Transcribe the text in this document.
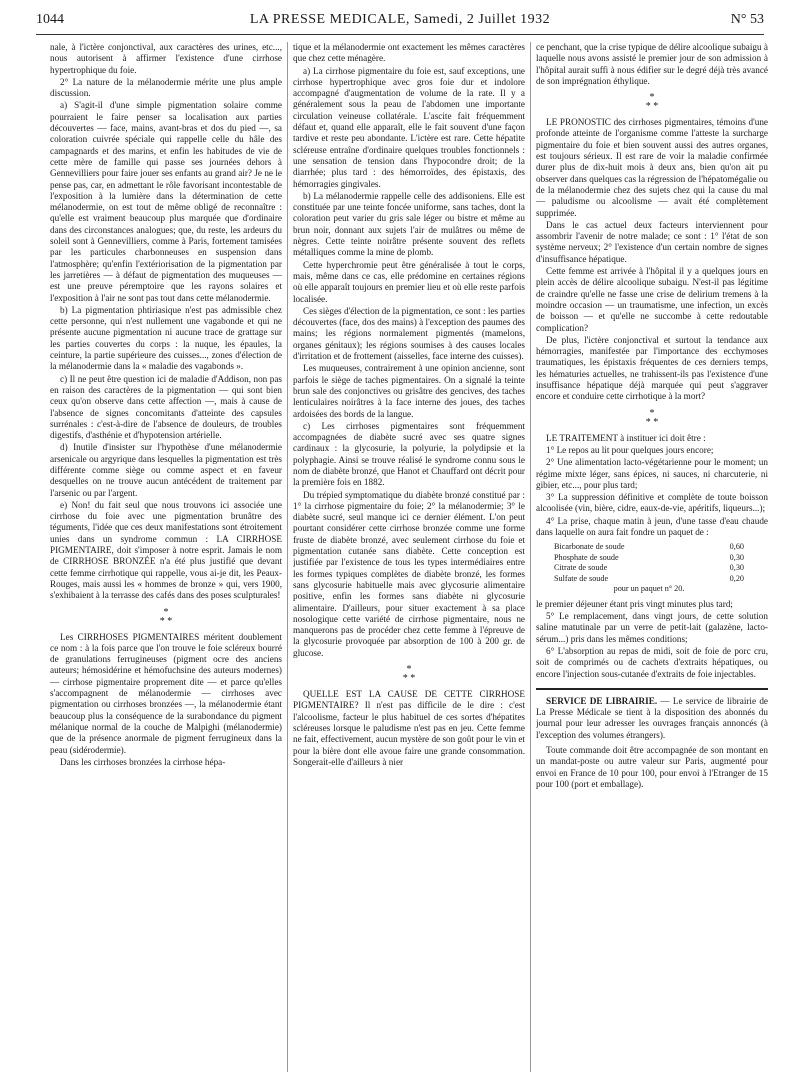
1044	LA PRESSE MEDICALE, Samedi, 2 Juillet 1932	N° 53

nale, à l'ictère conjonctival, aux caractères des urines, etc..., nous autorisent à affirmer l'existence d'une cirrhose hypertrophique du foie.

2° La nature de la mélanodermie mérite une plus ample discussion.

a) S'agit-il d'une simple pigmentation solaire comme pourraient le faire penser sa localisation aux parties découvertes — face, mains, avant-bras et dos du pied —, sa coloration cuivrée spéciale qui rappelle celle du hâle des campagnards et des marins, et enfin les habitudes de vie de cette mère de famille qui passe ses journées dehors à Gennevilliers pour faire jouer ses enfants au grand air? Je ne le pense pas, car, en admettant le rôle favorisant incontestable de l'exposition à la lumière dans la détermination de cette mélanodermie, on est tout de même obligé de reconnaître : qu'elle est vraiment beaucoup plus marquée que d'ordinaire dans des circonstances analogues; que, du reste, les ardeurs du soleil sont à Gennevilliers, comme à Paris, fortement tamisées par les particules charbonneuses en suspension dans l'atmosphère; qu'enfin l'extériorisation de la pigmentation par les jarretières — à défaut de pigmentation des muqueuses — est une preuve péremptoire que les rayons solaires et l'exposition à l'air ne sont pas tout dans cette mélanodermie.

b) La pigmentation phtiriasique n'est pas admissible chez cette personne, qui n'est nullement une vagabonde et qui ne présente aucune pigmentation ni aucune trace de grattage sur les parties couvertes du corps : la nuque, les épaules, la ceinture, la partie supérieure des cuisses..., zones d'élection de la mélanodermie dans la « maladie des vagabonds ».

c) Il ne peut être question ici de maladie d'Addison, non pas en raison des caractères de la pigmentation — qui sont bien ceux qu'on observe dans cette affection —, mais à cause de l'absence de signes concomitants d'atteinte des capsules surrénales : c'est-à-dire de l'absence de douleurs, de troubles digestifs, d'asthénie et d'hypotension artérielle.

d) Inutile d'insister sur l'hypothèse d'une mélanodermie arsenicale ou argyrique dans lesquelles la pigmentation est très différente comme siège ou comme aspect et en faveur desquelles on ne trouve aucun antécédent de traitement par l'arsenic ou par l'argent.

e) Non! du fait seul que nous trouvons ici associée une cirrhose du foie avec une pigmentation brunâtre des téguments, l'idée que ces deux manifestations sont étroitement unies dans un syndrome commun : LA CIRRHOSE PIGMENTAIRE, doit s'imposer à notre esprit. Jamais le nom de CIRRHOSE BRONZÉE n'a été plus justifié que devant cette femme cirrhotique qui rappelle, vous ai-je dit, les Peaux-Rouges, mais aussi les « hommes de bronze » qui, vers 1900, s'exhibaient à la terrasse des cafés dans des poses sculpturales!

*
* *

Les CIRRHOSES PIGMENTAIRES méritent doublement ce nom : à la fois parce que l'on trouve le foie scléreux bourré de granulations ferrugineuses (pigment ocre des anciens auteurs; hémosidérine et hémofuchsine des auteurs modernes) — cirrhose pigmentaire proprement dite — et parce qu'elles s'accompagnent de mélanodermie — cirrhoses avec pigmentation ou cirrhoses bronzées —, la mélanodermie étant beaucoup plus la conséquence de la surabondance du pigment mélanique normal de la couche de Malpighi (mélanodermie) que de la présence anormale de pigment ferrugineux dans la peau (sidérodermie).

Dans les cirrhoses bronzées la cirrhose hépa-

tique et la mélanodermie ont exactement les mêmes caractères que chez cette ménagère.

a) La cirrhose pigmentaire du foie est, sauf exceptions, une cirrhose hypertrophique avec gros foie dur et indolore accompagné d'augmentation de volume de la rate. Il y a généralement sous la peau de l'abdomen une importante circulation veineuse collatérale. L'ascite fait fréquemment défaut et, quand elle apparaît, elle le fait souvent d'une façon tardive et reste peu abondante. L'ictère est rare. Cette hépatite scléreuse entraîne d'ordinaire quelques troubles fonctionnels : une sensation de tension dans l'hypocondre droit; de la diarrhée; plus tard : des hémorroïdes, des épistaxis, des hémorragies gingivales.

b) La mélanodermie rappelle celle des addisoniens. Elle est constituée par une teinte foncée uniforme, sans taches, dont la coloration peut varier du gris sale léger ou bistre et même au brun noir, donnant aux sujets l'air de mulâtres ou même de nègres. Cette teinte noirâtre présente souvent des reflets métalliques comme la mine de plomb.

Cette hyperchromie peut être généralisée à tout le corps, mais, même dans ce cas, elle prédomine en certaines régions où elle apparaît toujours en premier lieu et où elle reste parfois localisée.

Ces sièges d'élection de la pigmentation, ce sont : les parties découvertes (face, dos des mains) à l'exception des paumes des mains; les régions normalement pigmentés (mamelons, organes génitaux); les régions soumises à des causes locales d'irritation et de frottement (aisselles, face interne des cuisses).

Les muqueuses, contrairement à une opinion ancienne, sont parfois le siège de taches pigmentaires. On a signalé la teinte brun sale des conjonctives ou grisâtre des gencives, des taches lenticulaires noirâtres à la face interne des joues, des taches ardoisées des bords de la langue.

c) Les cirrhoses pigmentaires sont fréquemment accompagnées de diabète sucré avec ses quatre signes cardinaux : la glycosurie, la polyurie, la polydipsie et la polyphagie. Ainsi se trouve réalisé le syndrome connu sous le nom de diabète bronzé, que Hanot et Chauffard ont décrit pour la première fois en 1882.

Du trépied symptomatique du diabète bronzé constitué par : 1° la cirrhose pigmentaire du foie; 2° la mélanodermie; 3° le diabète sucré, seul manque ici ce dernier élément. L'on peut pourtant considérer cette cirrhose bronzée comme une forme fruste de diabète bronzé, avec seulement cirrhose du foie et pigmentation cutanée sans diabète. Cette conception est justifiée par l'existence de tous les types intermédiaires entre les formes typiques complètes de diabète bronzé, les formes sans glycosurie habituelle mais avec glycosurie alimentaire positive, enfin les formes sans diabète ni glycosurie alimentaire. D'ailleurs, pour situer exactement à sa place nosologique cette variété de cirrhose pigmentaire, nous ne manquerons pas de procéder chez cette femme à l'épreuve de la glycosurie provoquée par absorption de 100 à 200 gr. de glucose.

*
* *

QUELLE EST LA CAUSE DE CETTE CIRRHOSE PIGMENTAIRE? Il n'est pas difficile de le dire : c'est l'alcoolisme, facteur le plus habituel de ces sortes d'hépatites scléreuses lorsque le paludisme n'est pas en jeu. Cette femme ne fait, effectivement, aucun mystère de son goût pour le vin et pour la bière dont elle avoue faire une grande consommation. Songerait-elle d'ailleurs à nier

ce penchant, que la crise typique de délire alcoolique subaigu à laquelle nous avons assisté le premier jour de son admission à l'hôpital aurait suffi à nous édifier sur le degré déjà très avancé de son imprégnation éthylique.

*
* *

LE PRONOSTIC des cirrhoses pigmentaires, témoins d'une profonde atteinte de l'organisme comme l'atteste la surcharge pigmentaire du foie et bien souvent aussi des autres organes, est toujours sérieux. Il est rare de voir la maladie confirmée durer plus de dix-huit mois à deux ans, bien qu'on ait pu observer dans quelques cas la régression de l'hépatomégalie ou de la mélanodermie chez des sujets chez qui la cause du mal — paludisme ou alcoolisme — avait été complètement supprimée.

Dans le cas actuel deux facteurs interviennent pour assombrir l'avenir de notre malade; ce sont : 1° l'état de son système nerveux; 2° l'existence d'un certain nombre de signes d'insuffisance hépatique.

Cette femme est arrivée à l'hôpital il y a quelques jours en plein accès de délire alcoolique subaigu. N'est-il pas légitime de craindre qu'elle ne fasse une crise de delirium tremens à la moindre occasion — un traumatisme, une infection, un excès de boisson — et qu'elle ne succombe à cette redoutable complication?

De plus, l'ictère conjonctival et surtout la tendance aux hémorragies, manifestée par l'importance des ecchymoses traumatiques, les épistaxis fréquentes de ces derniers temps, les hématuries actuelles, ne trahissent-ils pas l'existence d'une insuffisance hépatique déjà marquée qui peut s'aggraver encore et conduire cette cirrhotique à la mort?

*
* *

LE TRAITEMENT à instituer ici doit être :

1° Le repos au lit pour quelques jours encore;

2° Une alimentation lacto-végétarienne pour le moment; un régime mixte léger, sans épices, ni sauces, ni charcuterie, ni gibier, etc..., pour plus tard;

3° La suppression définitive et complète de toute boisson alcoolisée (vin, bière, cidre, eaux-de-vie, apéritifs, liqueurs...);

4° La prise, chaque matin à jeun, d'une tasse d'eau chaude dans laquelle on aura fait fondre un paquet de :

Bicarbonate de soude	0,60
Phosphate de soude	0,30
Citrate de soude	0,30
Sulfate de soude	0,20
pour un paquet n° 20.

le premier déjeuner étant pris vingt minutes plus tard;

5° Le remplacement, dans vingt jours, de cette solution saline matutinale par un verre de petit-lait (galazène, lacto-sérum...) pris dans les mêmes conditions;

6° L'absorption au repas de midi, soit de foie de porc cru, soit de comprimés ou de cachets d'extraits hépatiques, ou encore l'injection sous-cutanée d'extraits de foie injectables.

SERVICE DE LIBRAIRIE. — Le service de librairie de La Presse Médicale se tient à la disposition des abonnés du journal pour leur adresser les ouvrages français annoncés (à l'exception des volumes étrangers).

Toute commande doit être accompagnée de son montant en un mandat-poste ou autre valeur sur Paris, augmenté pour envoi en France de 10 pour 100, pour envoi à l'Etranger de 15 pour 100 (port et emballage).
